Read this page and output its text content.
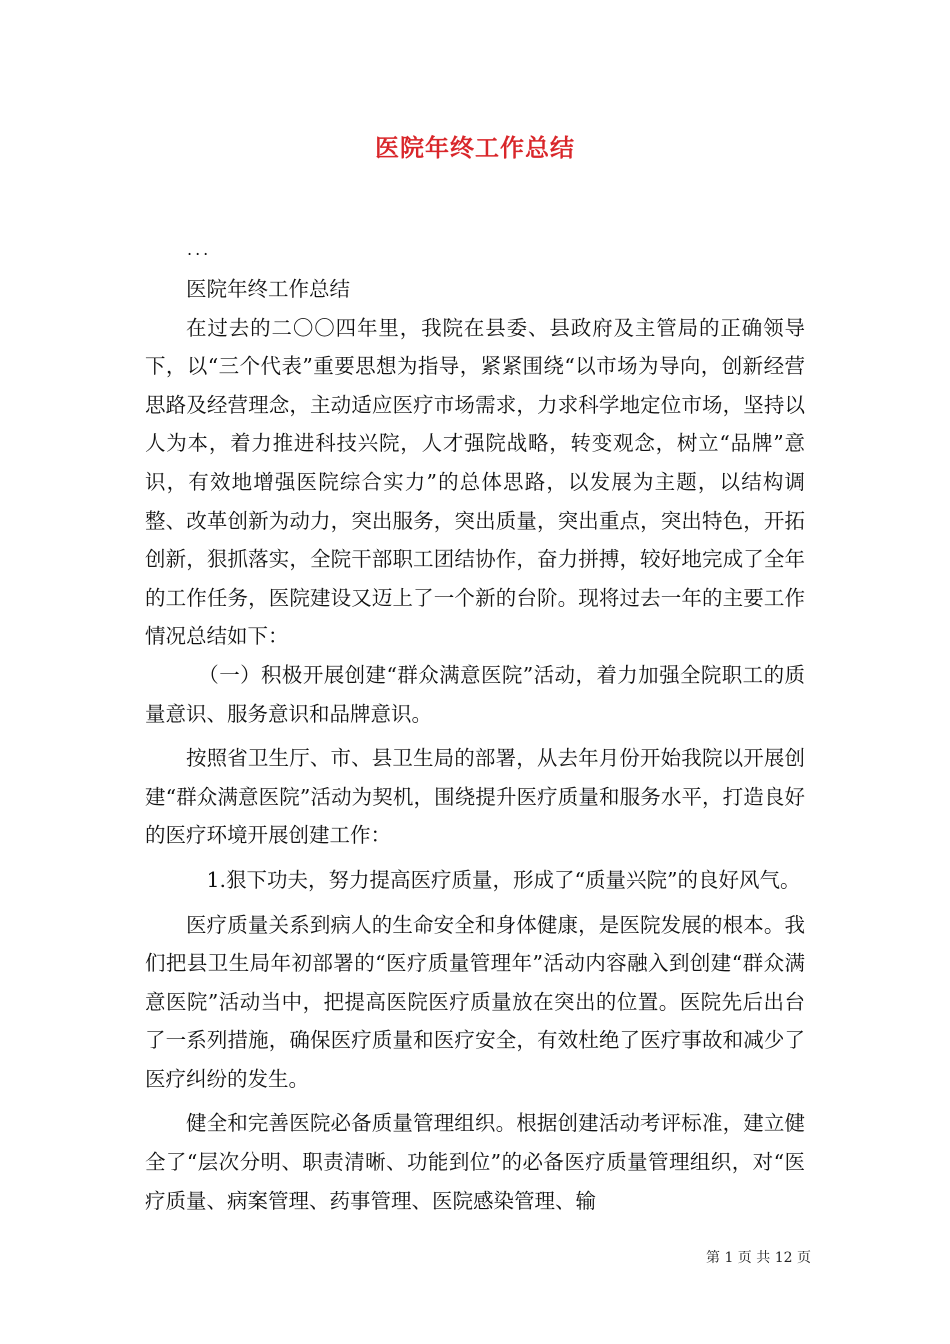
医院年终工作总结
...

医院年终工作总结

在过去的二〇〇四年里，我院在县委、县政府及主管局的正确领导下，以“三个代表”重要思想为指导，紧紧围绕“以市场为导向，创新经营思路及经营理念，主动适应医疗市场需求，力求科学地定位市场，坚持以人为本，着力推进科技兴院，人才强院战略，转变观念，树立“品牌”意识，有效地增强医院综合实力”的总体思路，以发展为主题，以结构调整、改革创新为动力，突出服务，突出质量，突出重点，突出特色，开拓创新，狠抓落实，全院干部职工团结协作，奋力拼搏，较好地完成了全年的工作任务，医院建设又迈上了一个新的台阶。现将过去一年的主要工作情况总结如下：

（一）积极开展创建“群众满意医院”活动，着力加强全院职工的质量意识、服务意识和品牌意识。

按照省卫生厅、市、县卫生局的部署，从去年月份开始我院以开展创建“群众满意医院”活动为契机，围绕提升医疗质量和服务水平，打造良好的医疗环境开展创建工作：

1.狠下功夫，努力提高医疗质量，形成了“质量兴院”的良好风气。

医疗质量关系到病人的生命安全和身体健康，是医院发展的根本。我们把县卫生局年初部署的“医疗质量管理年”活动内容融入到创建“群众满意医院”活动当中，把提高医院医疗质量放在突出的位置。医院先后出台了一系列措施，确保医疗质量和医疗安全，有效杜绝了医疗事故和减少了医疗纠纷的发生。

健全和完善医院必备质量管理组织。根据创建活动考评标准，建立健全了“层次分明、职责清晰、功能到位”的必备医疗质量管理组织，对“医疗质量、病案管理、药事管理、医院感染管理、输

第 1 页 共 12 页
